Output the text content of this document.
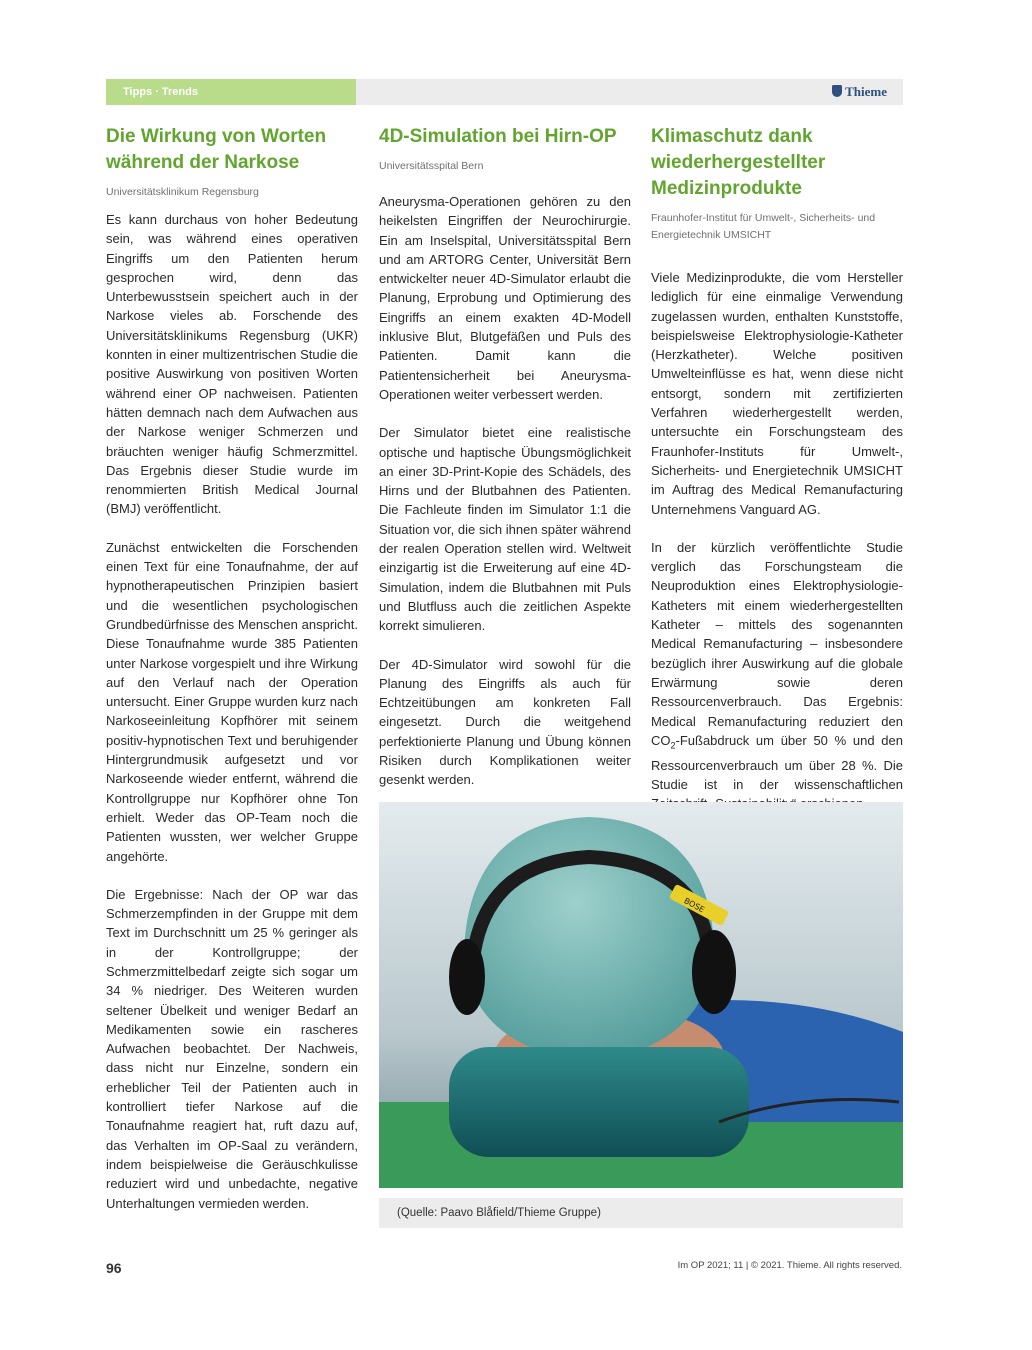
Tipps · Trends	Thieme
Die Wirkung von Worten während der Narkose
Universitätsklinikum Regensburg

Es kann durchaus von hoher Bedeutung sein, was während eines operativen Eingriffs um den Patienten herum gesprochen wird, denn das Unterbewusstsein speichert auch in der Narkose vieles ab. Forschende des Universitätsklinikums Regensburg (UKR) konnten in einer multizentrischen Studie die positive Auswirkung von positiven Worten während einer OP nachweisen. Patienten hätten demnach nach dem Aufwachen aus der Narkose weniger Schmerzen und bräuchten weniger häufig Schmerzmittel. Das Ergebnis dieser Studie wurde im renommierten British Medical Journal (BMJ) veröffentlicht.

Zunächst entwickelten die Forschenden einen Text für eine Tonaufnahme, der auf hypnotherapeutischen Prinzipien basiert und die wesentlichen psychologischen Grundbedürfnisse des Menschen anspricht. Diese Tonaufnahme wurde 385 Patienten unter Narkose vorgespielt und ihre Wirkung auf den Verlauf nach der Operation untersucht. Einer Gruppe wurden kurz nach Narkoseeinleitung Kopfhörer mit seinem positiv-hypnotischen Text und beruhigender Hintergrundmusik aufgesetzt und vor Narkoseende wieder entfernt, während die Kontrollgruppe nur Kopfhörer ohne Ton erhielt. Weder das OP-Team noch die Patienten wussten, wer welcher Gruppe angehörte.

Die Ergebnisse: Nach der OP war das Schmerzempfinden in der Gruppe mit dem Text im Durchschnitt um 25 % geringer als in der Kontrollgruppe; der Schmerzmittelbedarf zeigte sich sogar um 34 % niedriger. Des Weiteren wurden seltener Übelkeit und weniger Bedarf an Medikamenten sowie ein rascheres Aufwachen beobachtet. Der Nachweis, dass nicht nur Einzelne, sondern ein erheblicher Teil der Patienten auch in kontrolliert tiefer Narkose auf die Tonaufnahme reagiert hat, ruft dazu auf, das Verhalten im OP-Saal zu verändern, indem beispielweise die Geräuschkulisse reduziert wird und unbedachte, negative Unterhaltungen vermieden werden.

4D-Simulation bei Hirn-OP
Universitätsspital Bern

Aneurysma-Operationen gehören zu den heikelsten Eingriffen der Neurochirurgie. Ein am Inselspital, Universitätsspital Bern und am ARTORG Center, Universität Bern entwickelter neuer 4D-Simulator erlaubt die Planung, Erprobung und Optimierung des Eingriffs an einem exakten 4D-Modell inklusive Blut, Blutgefäßen und Puls des Patienten. Damit kann die Patientensicherheit bei Aneurysma-Operationen weiter verbessert werden.

Der Simulator bietet eine realistische optische und haptische Übungsmöglichkeit an einer 3D-Print-Kopie des Schädels, des Hirns und der Blutbahnen des Patienten. Die Fachleute finden im Simulator 1:1 die Situation vor, die sich ihnen später während der realen Operation stellen wird. Weltweit einzigartig ist die Erweiterung auf eine 4D-Simulation, indem die Blutbahnen mit Puls und Blutfluss auch die zeitlichen Aspekte korrekt simulieren.

Der 4D-Simulator wird sowohl für die Planung des Eingriffs als auch für Echtzeitübungen am konkreten Fall eingesetzt. Durch die weitgehend perfektionierte Planung und Übung können Risiken durch Komplikationen weiter gesenkt werden.

Klimaschutz dank wiederhergestellter Medizinprodukte
Fraunhofer-Institut für Umwelt-, Sicherheits- und Energietechnik UMSICHT

Viele Medizinprodukte, die vom Hersteller lediglich für eine einmalige Verwendung zugelassen wurden, enthalten Kunststoffe, beispielsweise Elektrophysiologie-Katheter (Herzkatheter). Welche positiven Umwelteinflüsse es hat, wenn diese nicht entsorgt, sondern mit zertifizierten Verfahren wiederhergestellt werden, untersuchte ein Forschungsteam des Fraunhofer-Instituts für Umwelt-, Sicherheits- und Energietechnik UMSICHT im Auftrag des Medical Remanufacturing Unternehmens Vanguard AG.

In der kürzlich veröffentlichte Studie verglich das Forschungsteam die Neuproduktion eines Elektrophysiologie-Katheters mit einem wiederhergestellten Katheter – mittels des sogenannten Medical Remanufacturing – insbesondere bezüglich ihrer Auswirkung auf die globale Erwärmung sowie deren Ressourcenverbrauch. Das Ergebnis: Medical Remanufacturing reduziert den $CO_2$-Fußabdruck um über 50 % und den Ressourcenverbrauch um über 28 %. Die Studie ist in der wissenschaftlichen

BOSE
(Quelle: Paavo Blåfield/Thieme Gruppe)
96	Im OP 2021; 11 | © 2021. Thieme. All rights reserved.
